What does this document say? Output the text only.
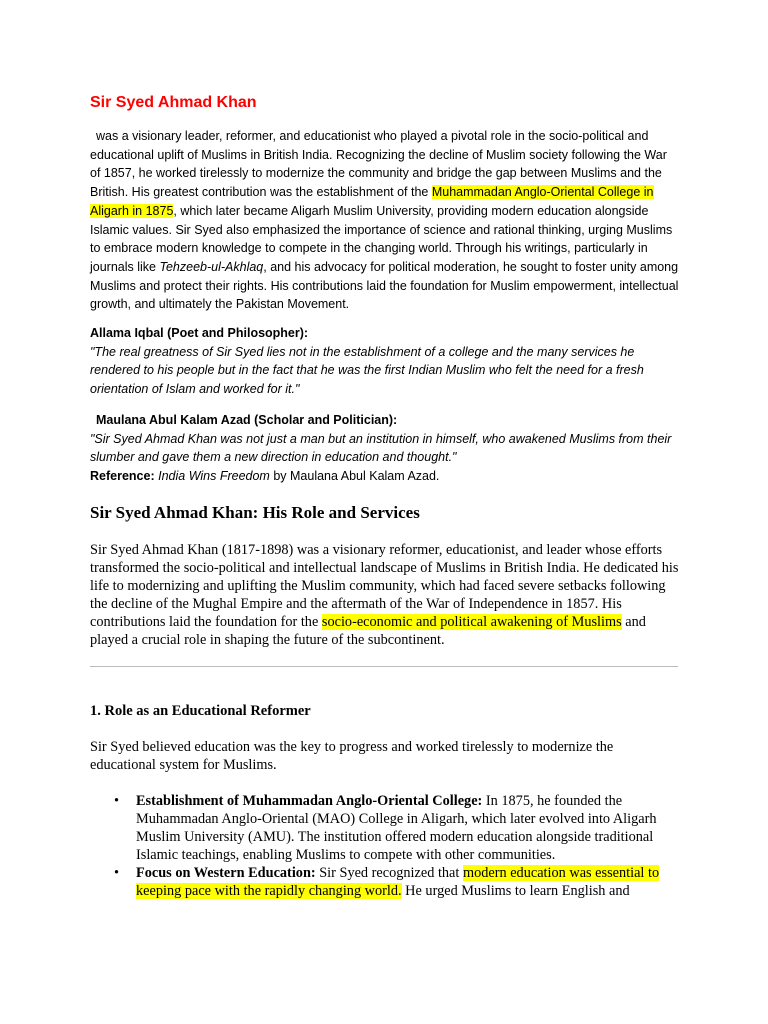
Sir Syed Ahmad Khan

was a visionary leader, reformer, and educationist who played a pivotal role in the socio-political and educational uplift of Muslims in British India. Recognizing the decline of Muslim society following the War of 1857, he worked tirelessly to modernize the community and bridge the gap between Muslims and the British. His greatest contribution was the establishment of the Muhammadan Anglo-Oriental College in Aligarh in 1875, which later became Aligarh Muslim University, providing modern education alongside Islamic values. Sir Syed also emphasized the importance of science and rational thinking, urging Muslims to embrace modern knowledge to compete in the changing world. Through his writings, particularly in journals like Tehzeeb-ul-Akhlaq, and his advocacy for political moderation, he sought to foster unity among Muslims and protect their rights. His contributions laid the foundation for Muslim empowerment, intellectual growth, and ultimately the Pakistan Movement.

Allama Iqbal (Poet and Philosopher):
"The real greatness of Sir Syed lies not in the establishment of a college and the many services he rendered to his people but in the fact that he was the first Indian Muslim who felt the need for a fresh orientation of Islam and worked for it."
Maulana Abul Kalam Azad (Scholar and Politician):
"Sir Syed Ahmad Khan was not just a man but an institution in himself, who awakened Muslims from their slumber and gave them a new direction in education and thought."
Reference: India Wins Freedom by Maulana Abul Kalam Azad.
Sir Syed Ahmad Khan: His Role and Services

Sir Syed Ahmad Khan (1817-1898) was a visionary reformer, educationist, and leader whose efforts transformed the socio-political and intellectual landscape of Muslims in British India. He dedicated his life to modernizing and uplifting the Muslim community, which had faced severe setbacks following the decline of the Mughal Empire and the aftermath of the War of Independence in 1857. His contributions laid the foundation for the socio-economic and political awakening of Muslims and played a crucial role in shaping the future of the subcontinent.

1. Role as an Educational Reformer

Sir Syed believed education was the key to progress and worked tirelessly to modernize the educational system for Muslims.

• Establishment of Muhammadan Anglo-Oriental College: In 1875, he founded the Muhammadan Anglo-Oriental (MAO) College in Aligarh, which later evolved into Aligarh Muslim University (AMU). The institution offered modern education alongside traditional Islamic teachings, enabling Muslims to compete with other communities.
• Focus on Western Education: Sir Syed recognized that modern education was essential to keeping pace with the rapidly changing world. He urged Muslims to learn English and
